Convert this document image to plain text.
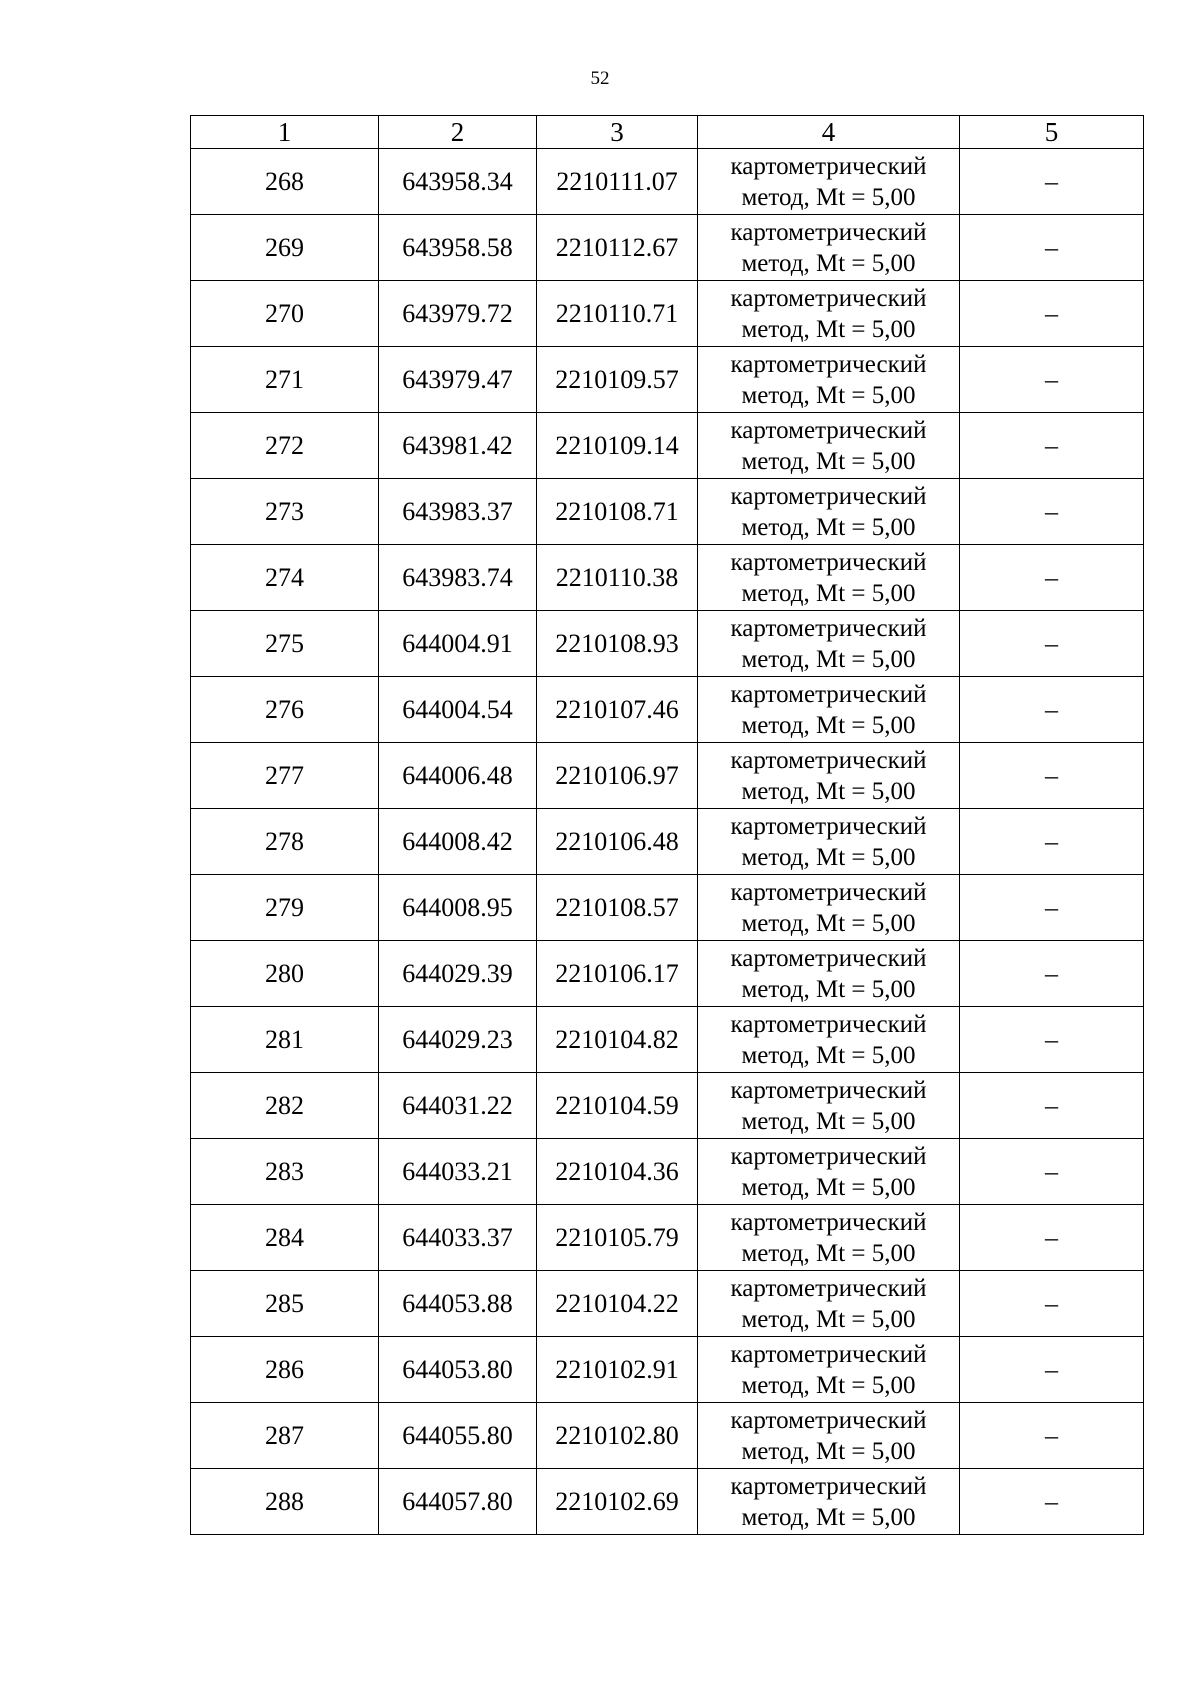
52
1	2	3	4	5
268	643958.34	2210111.07	картометрический
метод, Mt = 5,00	–
269	643958.58	2210112.67	картометрический
метод, Mt = 5,00	–
270	643979.72	2210110.71	картометрический
метод, Mt = 5,00	–
271	643979.47	2210109.57	картометрический
метод, Mt = 5,00	–
272	643981.42	2210109.14	картометрический
метод, Mt = 5,00	–
273	643983.37	2210108.71	картометрический
метод, Mt = 5,00	–
274	643983.74	2210110.38	картометрический
метод, Mt = 5,00	–
275	644004.91	2210108.93	картометрический
метод, Mt = 5,00	–
276	644004.54	2210107.46	картометрический
метод, Mt = 5,00	–
277	644006.48	2210106.97	картометрический
метод, Mt = 5,00	–
278	644008.42	2210106.48	картометрический
метод, Mt = 5,00	–
279	644008.95	2210108.57	картометрический
метод, Mt = 5,00	–
280	644029.39	2210106.17	картометрический
метод, Mt = 5,00	–
281	644029.23	2210104.82	картометрический
метод, Mt = 5,00	–
282	644031.22	2210104.59	картометрический
метод, Mt = 5,00	–
283	644033.21	2210104.36	картометрический
метод, Mt = 5,00	–
284	644033.37	2210105.79	картометрический
метод, Mt = 5,00	–
285	644053.88	2210104.22	картометрический
метод, Mt = 5,00	–
286	644053.80	2210102.91	картометрический
метод, Mt = 5,00	–
287	644055.80	2210102.80	картометрический
метод, Mt = 5,00	–
288	644057.80	2210102.69	картометрический
метод, Mt = 5,00	–
